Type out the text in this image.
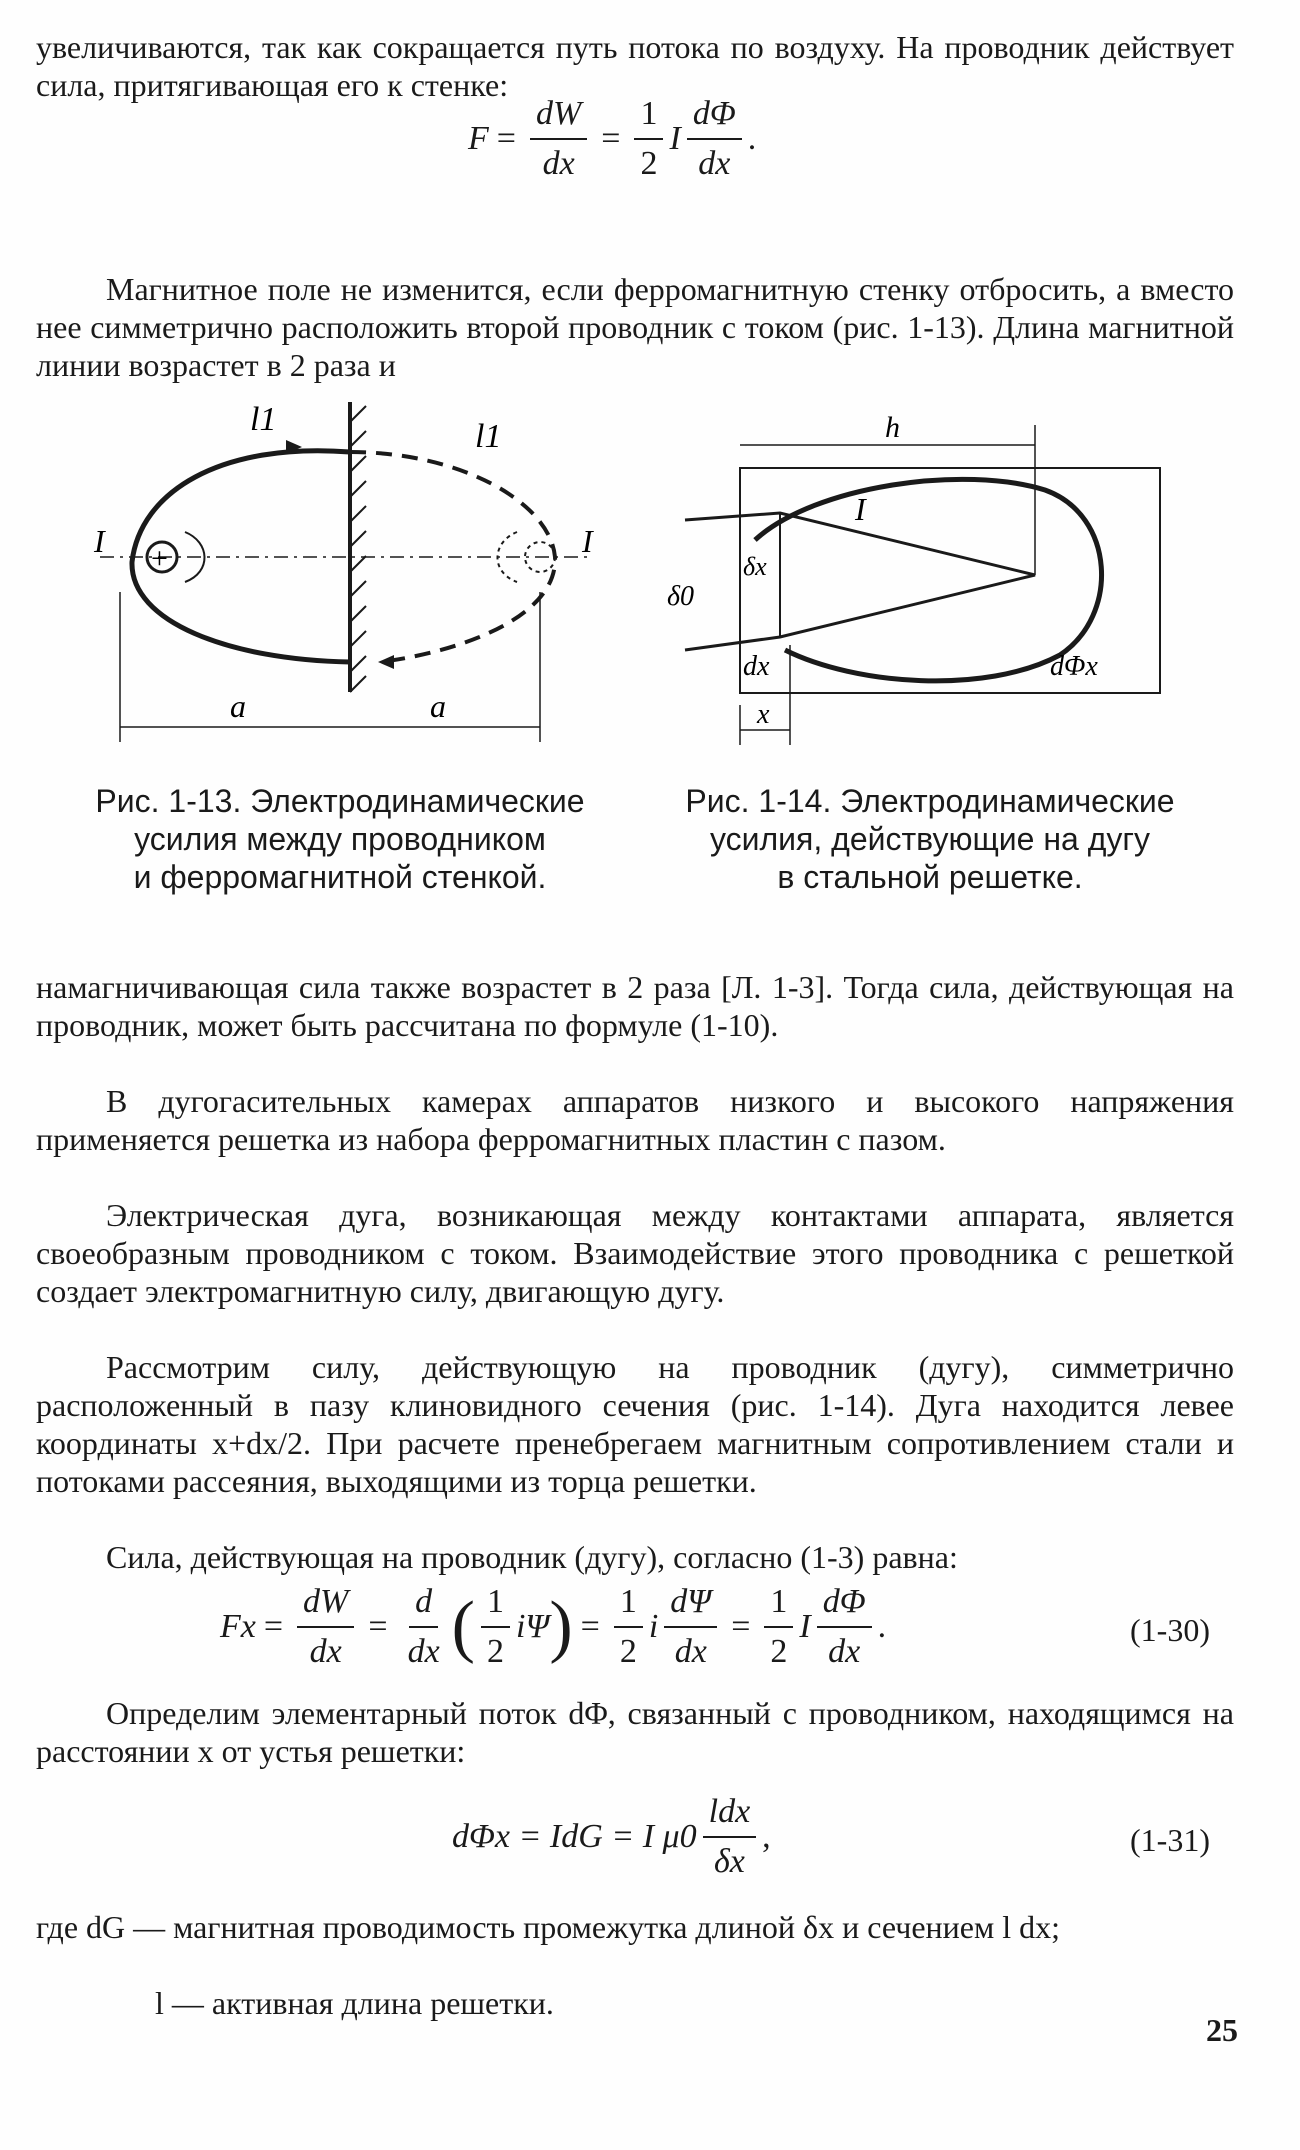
увеличиваются, так как сокращается путь потока по воздуху. На проводник действует сила, притягивающая его к стенке:

$F = \frac{dW}{dx} = \frac{1}{2}$ I $\frac{d\Phi}{dx}$ .

Магнитное поле не изменится, если ферромагнитную стенку отбросить, а вместо нее симметрично расположить второй проводник с током (рис. 1-13). Длина магнитной линии возрастет в 2 раза и

+
l1	l1
I	I
a	a
h
I
δ0
δx
dx	dΦx
x
Рис. 1-13. Электродинамические
усилия между проводником
и ферромагнитной стенкой.
Рис. 1-14. Электродинамические
усилия, действующие на дугу
в стальной решетке.

намагничивающая сила также возрастет в 2 раза [Л. 1-3]. Тогда сила, действующая на проводник, может быть рассчитана по формуле (1-10).

В дугогасительных камерах аппаратов низкого и высокого напряжения применяется решетка из набора ферромагнитных пластин с пазом.

Электрическая дуга, возникающая между контактами аппарата, является своеобразным проводником с током. Взаимодействие этого проводника с решеткой создает электромагнитную силу, двигающую дугу.

Рассмотрим силу, действующую на проводник (дугу), симметрично расположенный в пазу клиновидного сечения (рис. 1-14). Дуга находится левее координаты x+dx/2. При расчете пренебрегаем магнитным сопротивлением стали и потоками рассеяния, выходящими из торца решетки.

Сила, действующая на проводник (дугу), согласно (1-3) равна:

$Fx = \frac{dW}{dx} = \frac{d}{dx}$ ( $\frac{1}{2}$ iΨ ) = $\frac{1}{2}$ i $\frac{d\Psi}{dx} = \frac{1}{2}$ I $\frac{d\Phi}{dx}$ .	(1-30)

Определим элементарный поток dΦ, связанный с проводником, находящимся на расстоянии x от устья решетки:

dΦx = IdG = I $\mu 0 \frac{\text{ldx}}{\delta x}$ ,	(1-31)
где dG — магнитная проводимость промежутка длиной δx и сечением l dx;
l — активная длина решетки.
25
